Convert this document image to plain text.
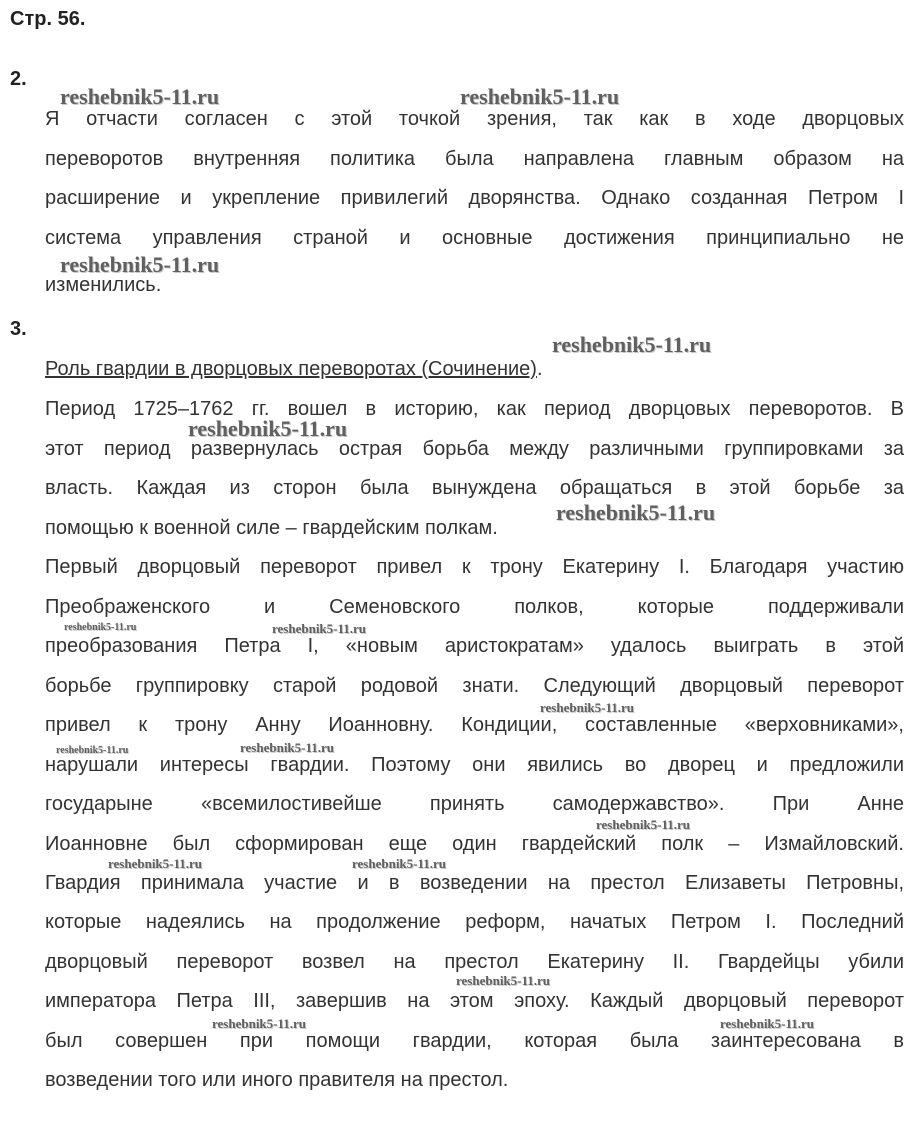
Стр. 56.
2.
Я отчасти согласен с этой точкой зрения, так как в ходе дворцовых
переворотов внутренняя политика была направлена главным образом на
расширение и укрепление привилегий дворянства. Однако созданная Петром I
система управления страной и основные достижения принципиально не
изменились.
3.
Роль гвардии в дворцовых переворотах (Сочинение).
Период 1725–1762 гг. вошел в историю, как период дворцовых переворотов. В
этот период развернулась острая борьба между различными группировками за
власть. Каждая из сторон была вынуждена обращаться в этой борьбе за
помощью к военной силе – гвардейским полкам.
Первый дворцовый переворот привел к трону Екатерину I. Благодаря участию
Преображенского и Семеновского полков, которые поддерживали
преобразования Петра I, «новым аристократам» удалось выиграть в этой
борьбе группировку старой родовой знати. Следующий дворцовый переворот
привел к трону Анну Иоанновну. Кондиции, составленные «верховниками»,
нарушали интересы гвардии. Поэтому они явились во дворец и предложили
государыне «всемилостивейше принять самодержавство». При Анне
Иоанновне был сформирован еще один гвардейский полк – Измайловский.
Гвардия принимала участие и в возведении на престол Елизаветы Петровны,
которые надеялись на продолжение реформ, начатых Петром I. Последний
дворцовый переворот возвел на престол Екатерину II. Гвардейцы убили
императора Петра III, завершив на этом эпоху. Каждый дворцовый переворот
был совершен при помощи гвардии, которая была заинтересована в
возведении того или иного правителя на престол.
reshebnik5-11.ru	reshebnik5-11.ru
reshebnik5-11.ru
reshebnik5-11.ru
reshebnik5-11.ru
reshebnik5-11.ru
reshebnik5-11.ru	reshebnik5-11.ru
reshebnik5-11.ru
reshebnik5-11.ru	reshebnik5-11.ru
reshebnik5-11.ru
reshebnik5-11.ru	reshebnik5-11.ru
reshebnik5-11.ru
reshebnik5-11.ru	reshebnik5-11.ru
